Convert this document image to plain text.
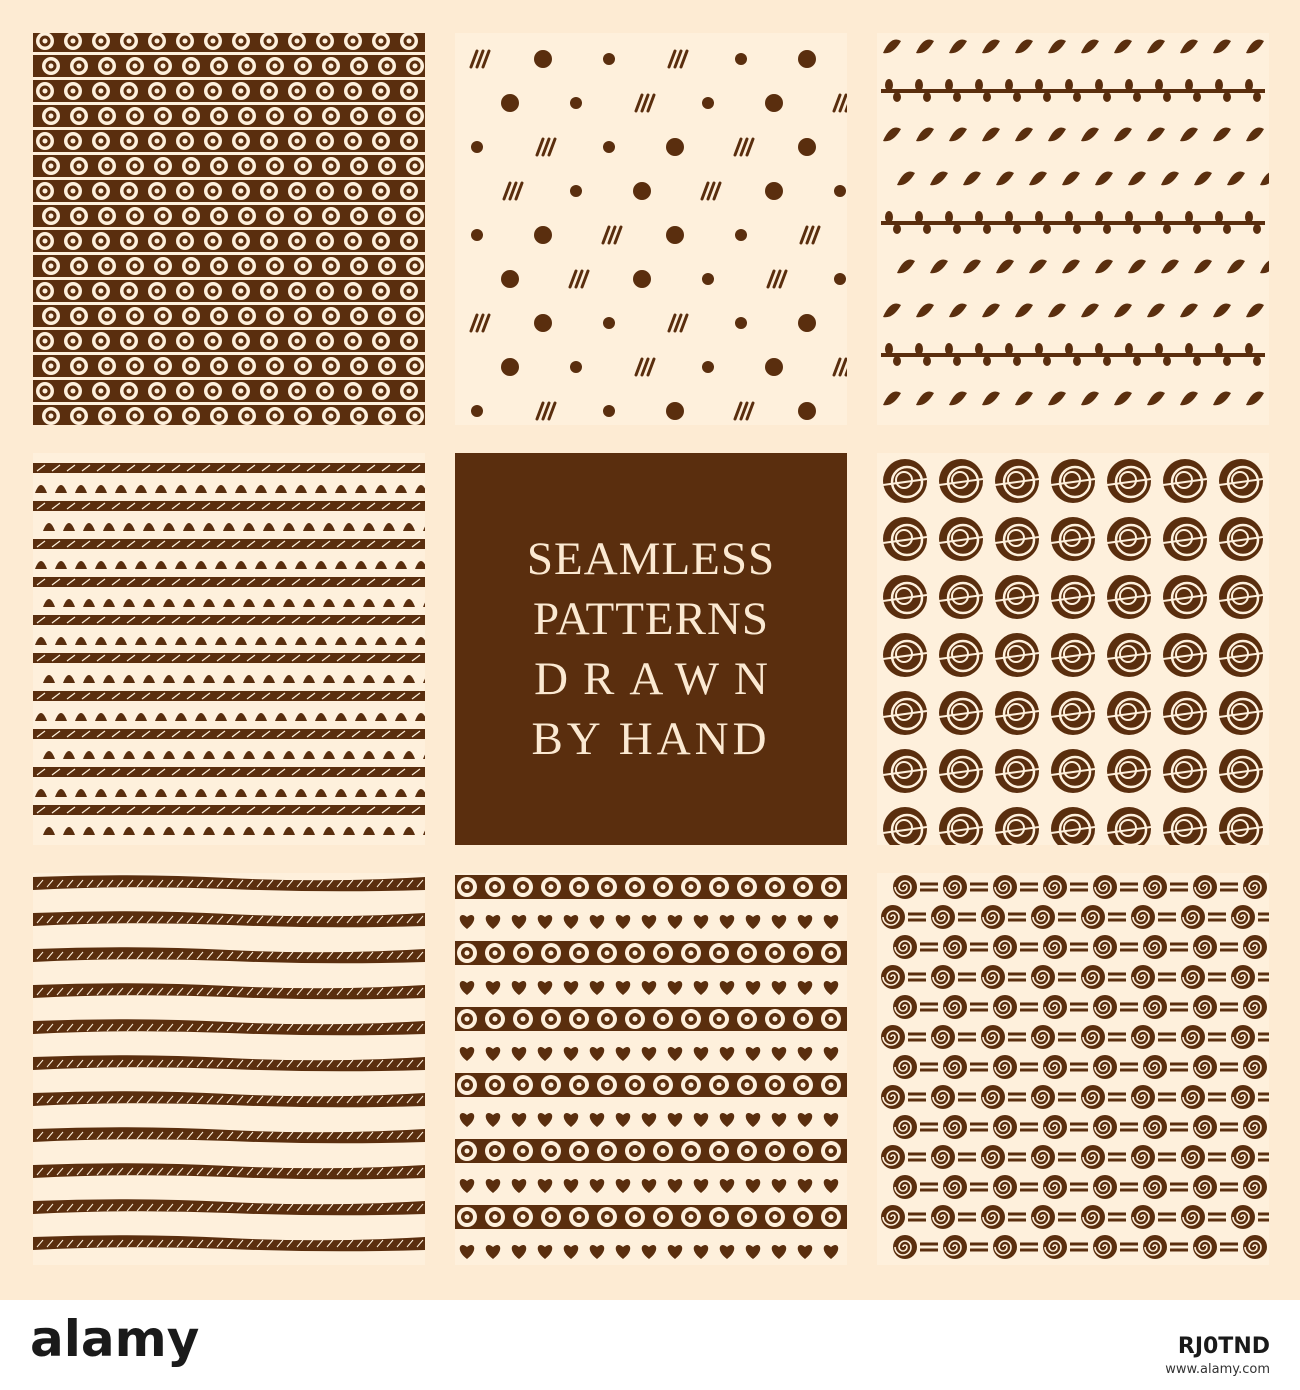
SEAMLESS
PATTERNS
DRAWN
BY HAND
alamy	RJ0TND
www.alamy.com
